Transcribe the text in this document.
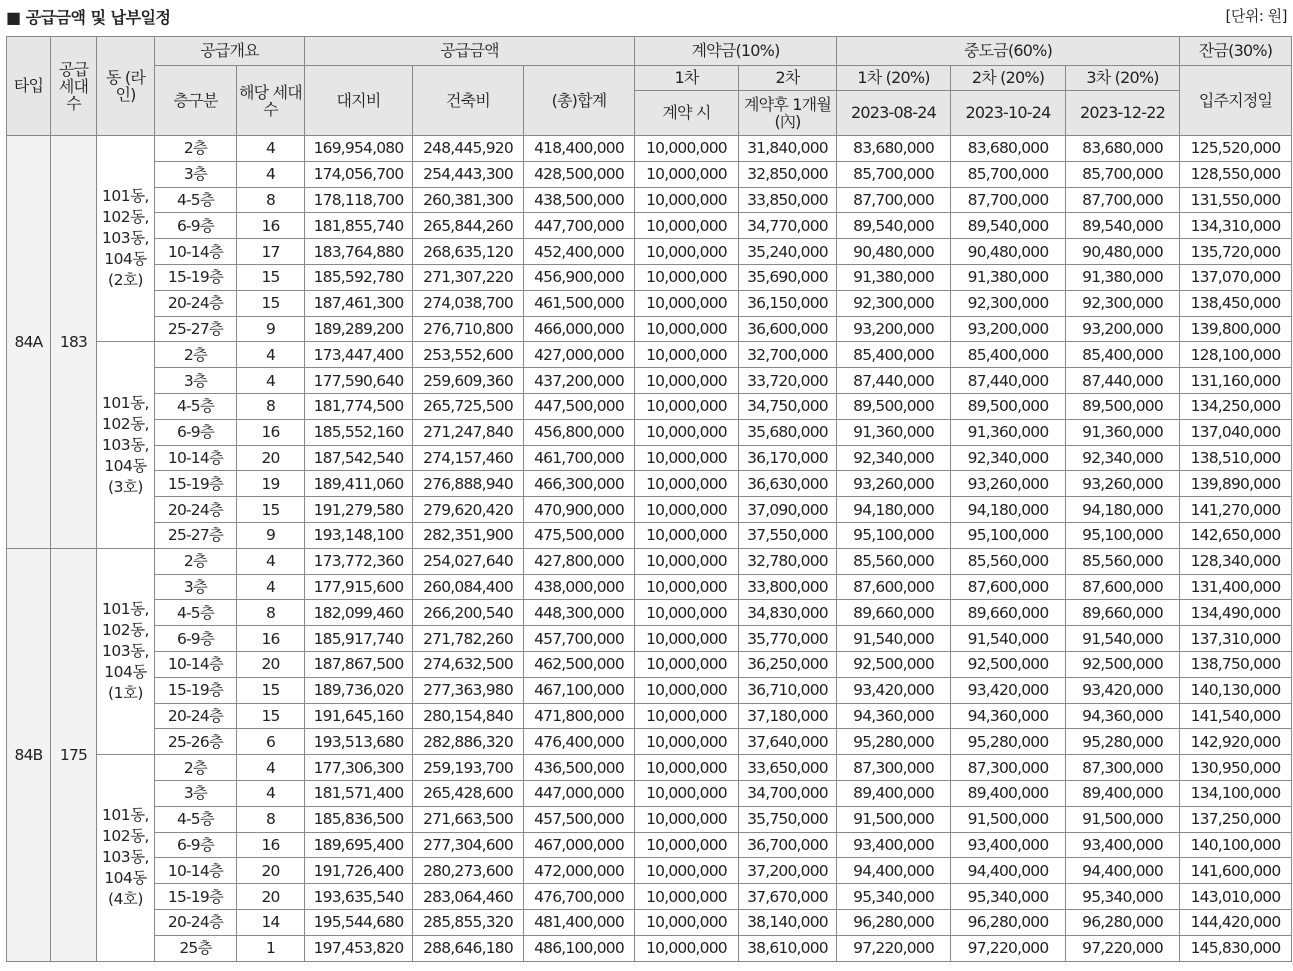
■ 공급금액 및 납부일정	[단위: 원]
타입	공급 세대 수	동 (라인)	공급개요		공급금액			계약금(10%)		중도금(60%)			잔금(30%)
			층구분	해당 세대수	대지비	건축비	(총)합계	1차	2차	1차 (20%)	2차 (20%)	3차 (20%)	입주지정일
								계약 시	계약후 1개월(內)	2023-08-24	2023-10-24	2023-12-22	
84A	183	101동, 102동, 103동, 104동 (2호)	2층	4	169,954,080	248,445,920	418,400,000	10,000,000	31,840,000	83,680,000	83,680,000	83,680,000	125,520,000
			3층	4	174,056,700	254,443,300	428,500,000	10,000,000	32,850,000	85,700,000	85,700,000	85,700,000	128,550,000
			4-5층	8	178,118,700	260,381,300	438,500,000	10,000,000	33,850,000	87,700,000	87,700,000	87,700,000	131,550,000
			6-9층	16	181,855,740	265,844,260	447,700,000	10,000,000	34,770,000	89,540,000	89,540,000	89,540,000	134,310,000
			10-14층	17	183,764,880	268,635,120	452,400,000	10,000,000	35,240,000	90,480,000	90,480,000	90,480,000	135,720,000
			15-19층	15	185,592,780	271,307,220	456,900,000	10,000,000	35,690,000	91,380,000	91,380,000	91,380,000	137,070,000
			20-24층	15	187,461,300	274,038,700	461,500,000	10,000,000	36,150,000	92,300,000	92,300,000	92,300,000	138,450,000
			25-27층	9	189,289,200	276,710,800	466,000,000	10,000,000	36,600,000	93,200,000	93,200,000	93,200,000	139,800,000
		101동, 102동, 103동, 104동 (3호)	2층	4	173,447,400	253,552,600	427,000,000	10,000,000	32,700,000	85,400,000	85,400,000	85,400,000	128,100,000
			3층	4	177,590,640	259,609,360	437,200,000	10,000,000	33,720,000	87,440,000	87,440,000	87,440,000	131,160,000
			4-5층	8	181,774,500	265,725,500	447,500,000	10,000,000	34,750,000	89,500,000	89,500,000	89,500,000	134,250,000
			6-9층	16	185,552,160	271,247,840	456,800,000	10,000,000	35,680,000	91,360,000	91,360,000	91,360,000	137,040,000
			10-14층	20	187,542,540	274,157,460	461,700,000	10,000,000	36,170,000	92,340,000	92,340,000	92,340,000	138,510,000
			15-19층	19	189,411,060	276,888,940	466,300,000	10,000,000	36,630,000	93,260,000	93,260,000	93,260,000	139,890,000
			20-24층	15	191,279,580	279,620,420	470,900,000	10,000,000	37,090,000	94,180,000	94,180,000	94,180,000	141,270,000
			25-27층	9	193,148,100	282,351,900	475,500,000	10,000,000	37,550,000	95,100,000	95,100,000	95,100,000	142,650,000
84B	175	101동, 102동, 103동, 104동 (1호)	2층	4	173,772,360	254,027,640	427,800,000	10,000,000	32,780,000	85,560,000	85,560,000	85,560,000	128,340,000
			3층	4	177,915,600	260,084,400	438,000,000	10,000,000	33,800,000	87,600,000	87,600,000	87,600,000	131,400,000
			4-5층	8	182,099,460	266,200,540	448,300,000	10,000,000	34,830,000	89,660,000	89,660,000	89,660,000	134,490,000
			6-9층	16	185,917,740	271,782,260	457,700,000	10,000,000	35,770,000	91,540,000	91,540,000	91,540,000	137,310,000
			10-14층	20	187,867,500	274,632,500	462,500,000	10,000,000	36,250,000	92,500,000	92,500,000	92,500,000	138,750,000
			15-19층	15	189,736,020	277,363,980	467,100,000	10,000,000	36,710,000	93,420,000	93,420,000	93,420,000	140,130,000
			20-24층	15	191,645,160	280,154,840	471,800,000	10,000,000	37,180,000	94,360,000	94,360,000	94,360,000	141,540,000
			25-26층	6	193,513,680	282,886,320	476,400,000	10,000,000	37,640,000	95,280,000	95,280,000	95,280,000	142,920,000
		101동, 102동, 103동, 104동 (4호)	2층	4	177,306,300	259,193,700	436,500,000	10,000,000	33,650,000	87,300,000	87,300,000	87,300,000	130,950,000
			3층	4	181,571,400	265,428,600	447,000,000	10,000,000	34,700,000	89,400,000	89,400,000	89,400,000	134,100,000
			4-5층	8	185,836,500	271,663,500	457,500,000	10,000,000	35,750,000	91,500,000	91,500,000	91,500,000	137,250,000
			6-9층	16	189,695,400	277,304,600	467,000,000	10,000,000	36,700,000	93,400,000	93,400,000	93,400,000	140,100,000
			10-14층	20	191,726,400	280,273,600	472,000,000	10,000,000	37,200,000	94,400,000	94,400,000	94,400,000	141,600,000
			15-19층	20	193,635,540	283,064,460	476,700,000	10,000,000	37,670,000	95,340,000	95,340,000	95,340,000	143,010,000
			20-24층	14	195,544,680	285,855,320	481,400,000	10,000,000	38,140,000	96,280,000	96,280,000	96,280,000	144,420,000
			25층	1	197,453,820	288,646,180	486,100,000	10,000,000	38,610,000	97,220,000	97,220,000	97,220,000	145,830,000
